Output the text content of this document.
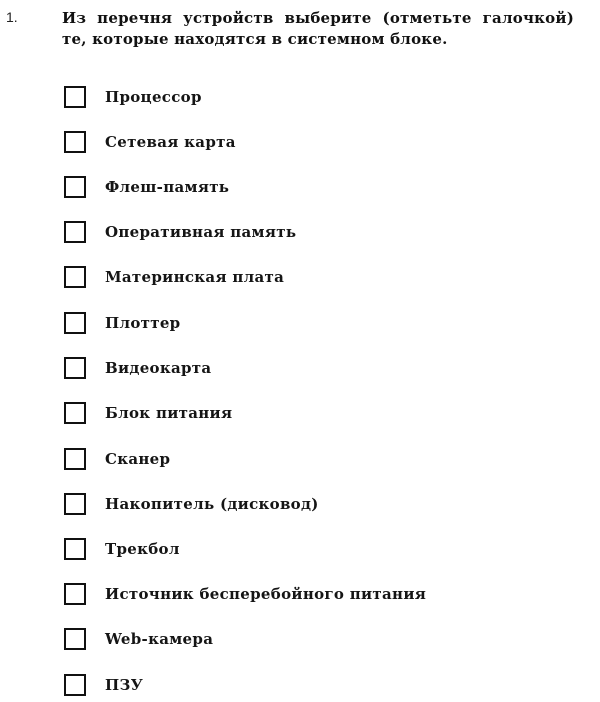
1.	Из перечня устройств выберите (отметьте галочкой) те, которые находятся в системном блоке.
Процессор
Сетевая карта
Флеш-память
Оперативная память
Материнская плата
Плоттер
Видеокарта
Блок питания
Сканер
Накопитель (дисковод)
Трекбол
Источник бесперебойного питания
Web-камера
ПЗУ
